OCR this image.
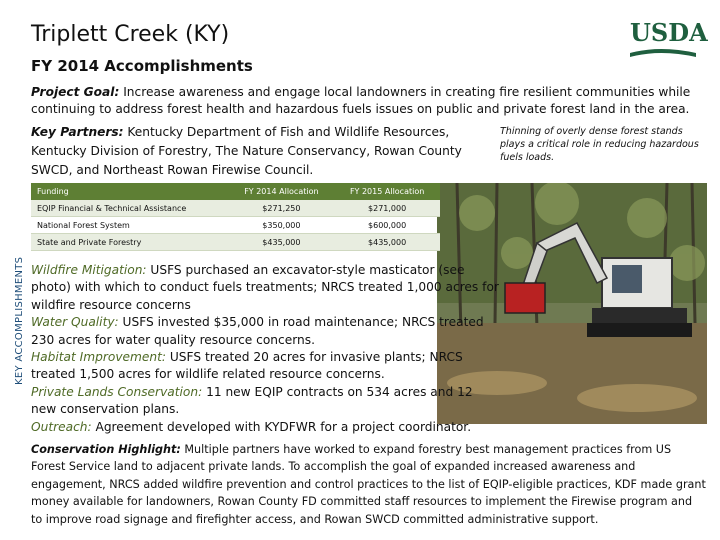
Triplett Creek (KY)
FY 2014 Accomplishments
USDA
KEY ACCOMPLISHMENTS
Project Goal: Increase awareness and engage local landowners in creating fire resilient communities while continuing to address forest health and hazardous fuels issues on public and private forest land in the area.
Key Partners: Kentucky Department of Fish and Wildlife Resources, Kentucky Division of Forestry, The Nature Conservancy, Rowan County SWCD, and Northeast Rowan Firewise Council.
Thinning of overly dense forest stands plays a critical role in reducing hazardous fuels loads.
Funding	FY 2014 Allocation	FY 2015 Allocation
EQIP Financial & Technical Assistance	$271,250	$271,000
National Forest System	$350,000	$600,000
State and Private Forestry	$435,000	$435,000
Wildfire Mitigation: USFS purchased an excavator-style masticator (see photo) with which to conduct fuels treatments; NRCS treated 1,000 acres for wildfire resource concerns
Water Quality: USFS invested $35,000 in road maintenance; NRCS treated 230 acres for water quality resource concerns.
Habitat Improvement: USFS treated 20 acres for invasive plants; NRCS treated 1,500 acres for wildlife related resource concerns.
Private Lands Conservation: 11 new EQIP contracts on 534 acres and 12 new conservation plans.
Outreach: Agreement developed with KYDFWR for a project coordinator.
Conservation Highlight: Multiple partners have worked to expand forestry best management practices from US Forest Service land to adjacent private lands. To accomplish the goal of expanded increased awareness and engagement, NRCS added wildfire prevention and control practices to the list of EQIP-eligible practices, KDF made grant money available for landowners, Rowan County FD committed staff resources to implement the Firewise program and to improve road signage and firefighter access, and Rowan SWCD committed administrative support.
